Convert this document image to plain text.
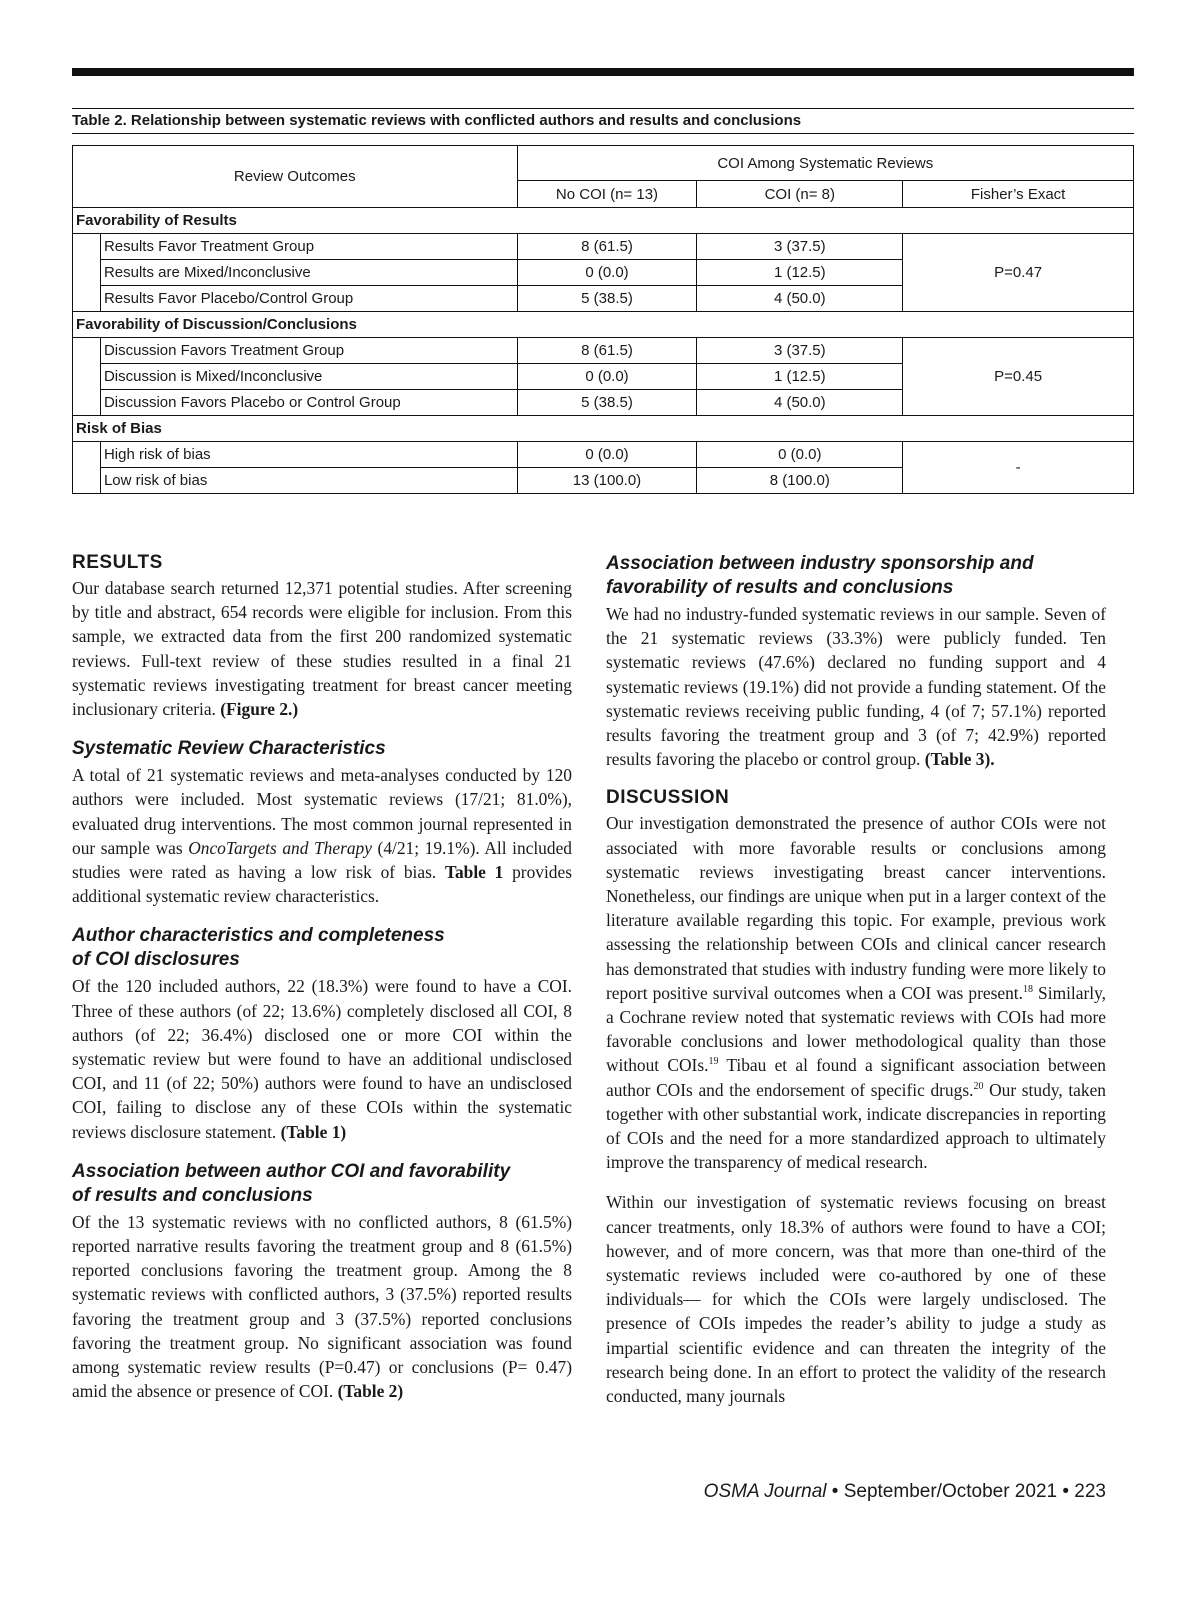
Table 2. Relationship between systematic reviews with conflicted authors and results and conclusions
Review Outcomes		COI Among Systematic Reviews		
		No COI (n= 13)	COI (n= 8)	Fisher’s Exact
Favorability of Results				
	Results Favor Treatment Group	8 (61.5)	3 (37.5)	P=0.47
	Results are Mixed/Inconclusive	0 (0.0)	1 (12.5)	
	Results Favor Placebo/Control Group	5 (38.5)	4 (50.0)	
Favorability of Discussion/Conclusions				
	Discussion Favors Treatment Group	8 (61.5)	3 (37.5)	P=0.45
	Discussion is Mixed/Inconclusive	0 (0.0)	1 (12.5)	
	Discussion Favors Placebo or Control Group	5 (38.5)	4 (50.0)	
Risk of Bias				
	High risk of bias	0 (0.0)	0 (0.0)	-
	Low risk of bias	13 (100.0)	8 (100.0)	
RESULTS

Our database search returned 12,371 potential studies. After screening by title and abstract, 654 records were eligible for inclusion. From this sample, we extracted data from the first 200 randomized systematic reviews. Full-text review of these studies resulted in a final 21 systematic reviews investigating treatment for breast cancer meeting inclusionary criteria. (Figure 2.)

Systematic Review Characteristics

A total of 21 systematic reviews and meta-analyses conducted by 120 authors were included. Most systematic reviews (17/21; 81.0%), evaluated drug interventions. The most common journal represented in our sample was OncoTargets and Therapy (4/21; 19.1%). All included studies were rated as having a low risk of bias. Table 1 provides additional systematic review characteristics.

Author characteristics and completeness of COI disclosures

Of the 120 included authors, 22 (18.3%) were found to have a COI. Three of these authors (of 22; 13.6%) completely disclosed all COI, 8 authors (of 22; 36.4%) disclosed one or more COI within the systematic review but were found to have an additional undisclosed COI, and 11 (of 22; 50%) authors were found to have an undisclosed COI, failing to disclose any of these COIs within the systematic reviews disclosure statement. (Table 1)

Association between author COI and favorability of results and conclusions

Of the 13 systematic reviews with no conflicted authors, 8 (61.5%) reported narrative results favoring the treatment group and 8 (61.5%) reported conclusions favoring the treatment group. Among the 8 systematic reviews with conflicted authors, 3 (37.5%) reported results favoring the treatment group and 3 (37.5%) reported conclusions favoring the treatment group. No significant association was found among systematic review results (P=0.47) or conclusions (P= 0.47) amid the absence or presence of COI. (Table 2)

Association between industry sponsorship and favorability of results and conclusions

We had no industry-funded systematic reviews in our sample. Seven of the 21 systematic reviews (33.3%) were publicly funded. Ten systematic reviews (47.6%) declared no funding support and 4 systematic reviews (19.1%) did not provide a funding statement. Of the systematic reviews receiving public funding, 4 (of 7; 57.1%) reported results favoring the treatment group and 3 (of 7; 42.9%) reported results favoring the placebo or control group. (Table 3).

DISCUSSION

Our investigation demonstrated the presence of author COIs were not associated with more favorable results or conclusions among systematic reviews investigating breast cancer interventions. Nonetheless, our findings are unique when put in a larger context of the literature available regarding this topic. For example, previous work assessing the relationship between COIs and clinical cancer research has demonstrated that studies with industry funding were more likely to report positive survival outcomes when a COI was present.$^{18}$ Similarly, a Cochrane review noted that systematic reviews with COIs had more favorable conclusions and lower methodological quality than those without COIs.$^{19}$ Tibau et al found a significant association between author COIs and the endorsement of specific drugs.$^{20}$ Our study, taken together with other substantial work, indicate discrepancies in reporting of COIs and the need for a more standardized approach to ultimately improve the transparency of medical research.

Within our investigation of systematic reviews focusing on breast cancer treatments, only 18.3% of authors were found to have a COI; however, and of more concern, was that more than one-third of the systematic reviews included were co-authored by one of these individuals— for which the COIs were largely undisclosed. The presence of COIs impedes the reader’s ability to judge a study as impartial scientific evidence and can threaten the integrity of the research being done. In an effort to protect the validity of the research conducted, many journals

OSMA Journal • September/October 2021 • 223
